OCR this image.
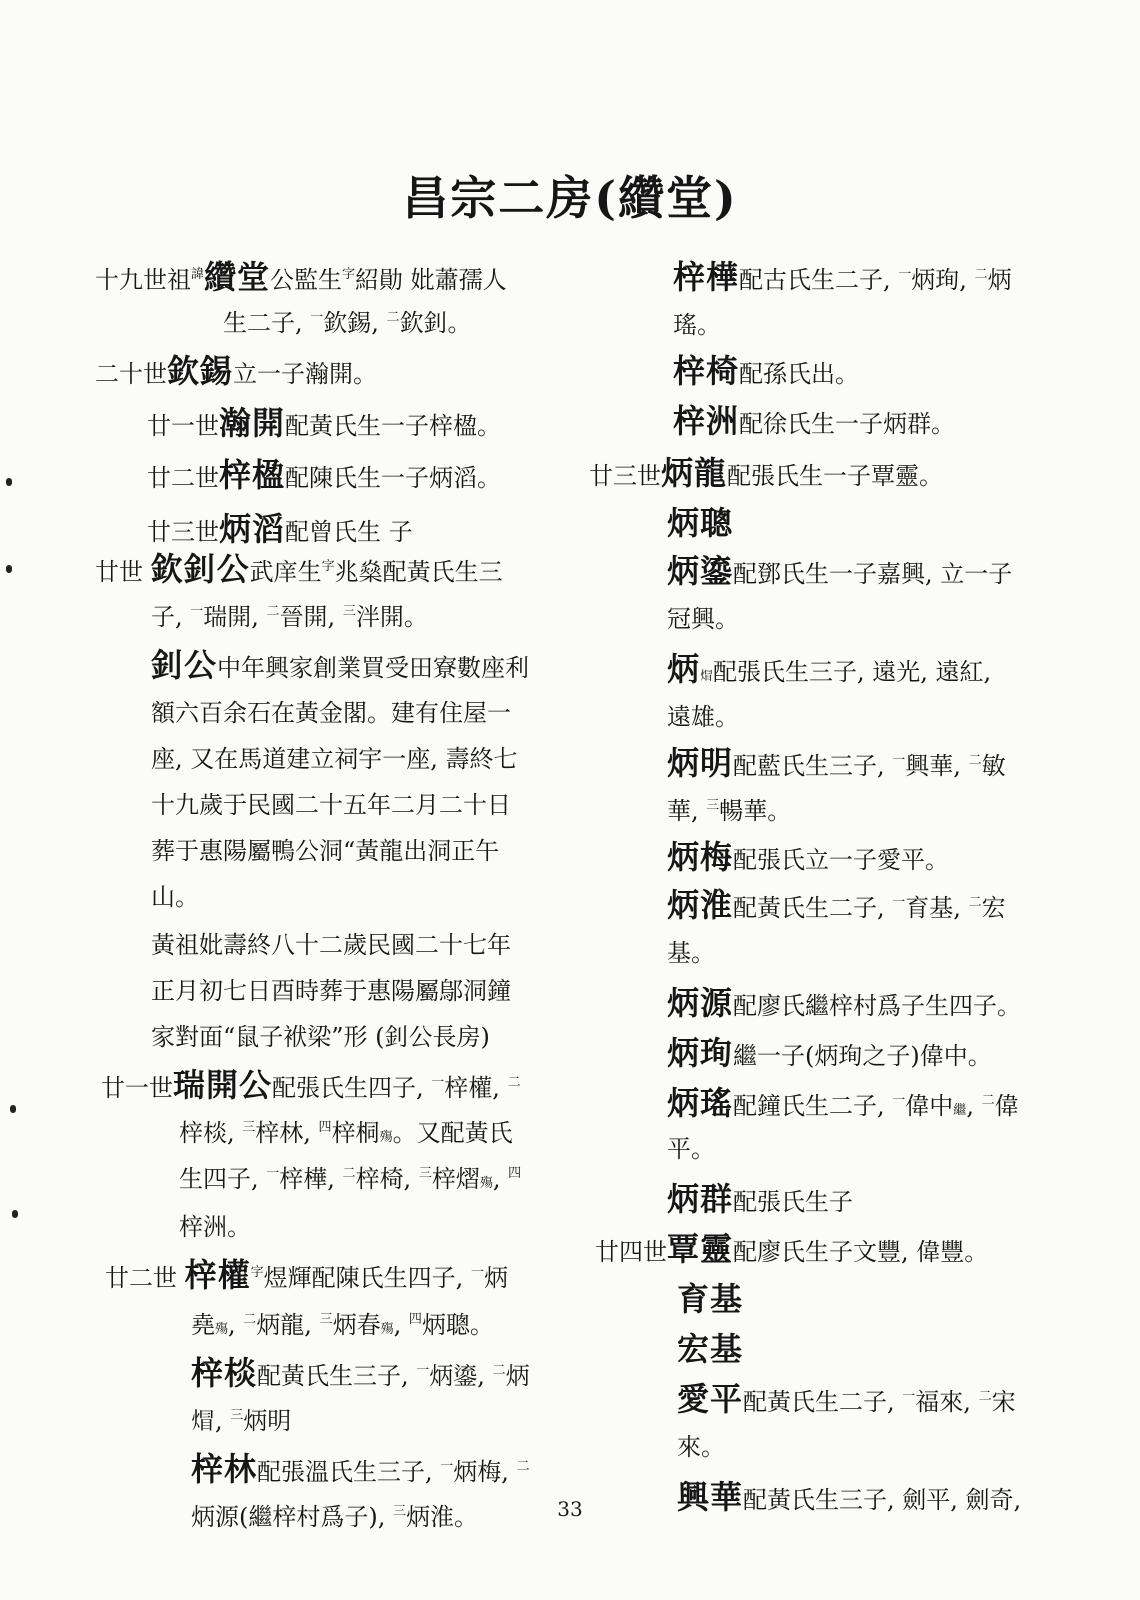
昌宗二房(纘堂)
十九世祖$^諱$纘堂公監生$^字$紹勛 妣蕭孺人
生二子, $^一$欽錫, $^二$欽釗。
二十世欽錫立一子瀚開。
廿一世瀚開配黃氏生一子梓楹。
廿二世梓楹配陳氏生一子炳滔。
廿三世炳滔配曾氏生 子
廿世 欽釗公武庠生$^字$兆燊配黃氏生三
子, $^一$瑞開, $^二$晉開, $^三$泮開。
釗公中年興家創業買受田寮數座利
額六百余石在黃金閣。建有住屋一
座, 又在馬道建立祠宇一座, 壽終七
十九歲于民國二十五年二月二十日
葬于惠陽屬鴨公洞“黃龍出洞正午
山。
黃祖妣壽終八十二歲民國二十七年
正月初七日酉時葬于惠陽屬鄔洞鐘
家對面“鼠子袱梁”形 (釗公長房)
廿一世瑞開公配張氏生四子, $^一$梓權, $^二$
梓棪, $^三$梓林, $^四$梓桐殤。又配黃氏
生四子, $^一$梓樺, $^二$梓椅, $^三$梓熠殤, $^四$
梓洲。
廿二世 梓權$^字$煜輝配陳氏生四子, $^一$炳
堯殤, $^二$炳龍, $^三$炳春殤, $^四$炳聰。
梓棪配黃氏生三子, $^一$炳鎏, $^二$炳
𤊻, $^三$炳明
梓林配張溫氏生三子, $^一$炳梅, $^二$
炳源(繼梓村爲子), $^三$炳淮。
梓樺配古氏生二子, $^一$炳珣, $^二$炳
瑤。
梓椅配孫氏出。
梓洲配徐氏生一子炳群。
廿三世炳龍配張氏生一子覃靈。
炳聰
炳鎏配鄧氏生一子嘉興, 立一子
冠興。
炳𤊻配張氏生三子, 遠光, 遠紅,
遠雄。
炳明配藍氏生三子, $^一$興華, $^二$敏
華, $^三$暢華。
炳梅配張氏立一子愛平。
炳淮配黃氏生二子, $^一$育基, $^二$宏
基。
炳源配廖氏繼梓村爲子生四子。
炳珣繼一子(炳珣之子)偉中。
炳瑤配鐘氏生二子, $^一$偉中繼, $^二$偉
平。
炳群配張氏生子
廿四世覃靈配廖氏生子文豐, 偉豐。
育基
宏基
愛平配黃氏生二子, $^一$福來, $^二$宋
來。
興華配黃氏生三子, 劍平, 劍奇,
33
